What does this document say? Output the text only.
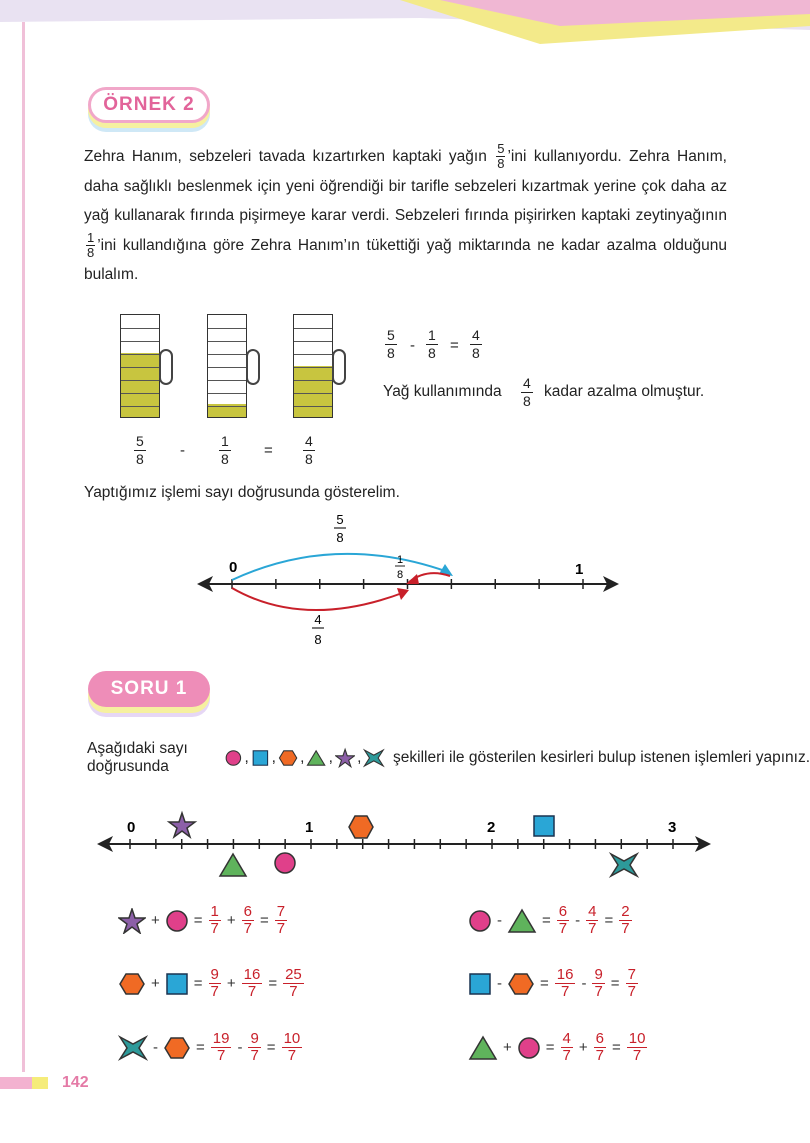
ÖRNEK 2
Zehra Hanım, sebzeleri tavada kızartırken kaptaki yağın $\frac{5}{8}$ ’ini kullanıyordu. Zehra Hanım, daha sağlıklı beslenmek için yeni öğrendiği bir tarifle sebzeleri kızartmak yerine çok daha az yağ kullanarak fırında pişirmeye karar verdi. Sebzeleri fırında pişirirken kaptaki zeytinyağının
$\frac{1}{8}$ ’ini kullandığına göre Zehra Hanım’ın tükettiği yağ miktarında ne kadar azalma olduğunu bulalım.
5
8 -
1
8 =
4
8
5
8 -
1
8 =
4
8
Yağ kullanımında 4
8
kadar azalma olmuştur.
Yaptığımız işlemi sayı doğrusunda gösterelim.
0	1
5
8
1
8
4
8
SORU 1
Aşağıdaki sayı doğrusunda
, , , , , şekilleri ile gösterilen kesirleri bulup istenen işlemleri yapınız.
0	1	2	3
+ = $\frac{1}{7} + \frac{6}{7} = \frac{7}{7}$
+ = $\frac{9}{7} + \frac{16}{7} = \frac{25}{7}$
-	= $\frac{19}{7} - \frac{9}{7} = \frac{10}{7}$
-	= $\frac{6}{7} - \frac{4}{7} = \frac{2}{7}$
-	= $\frac{16}{7} - \frac{9}{7} = \frac{7}{7}$
+ = $\frac{4}{7} + \frac{6}{7} = \frac{10}{7}$
142
